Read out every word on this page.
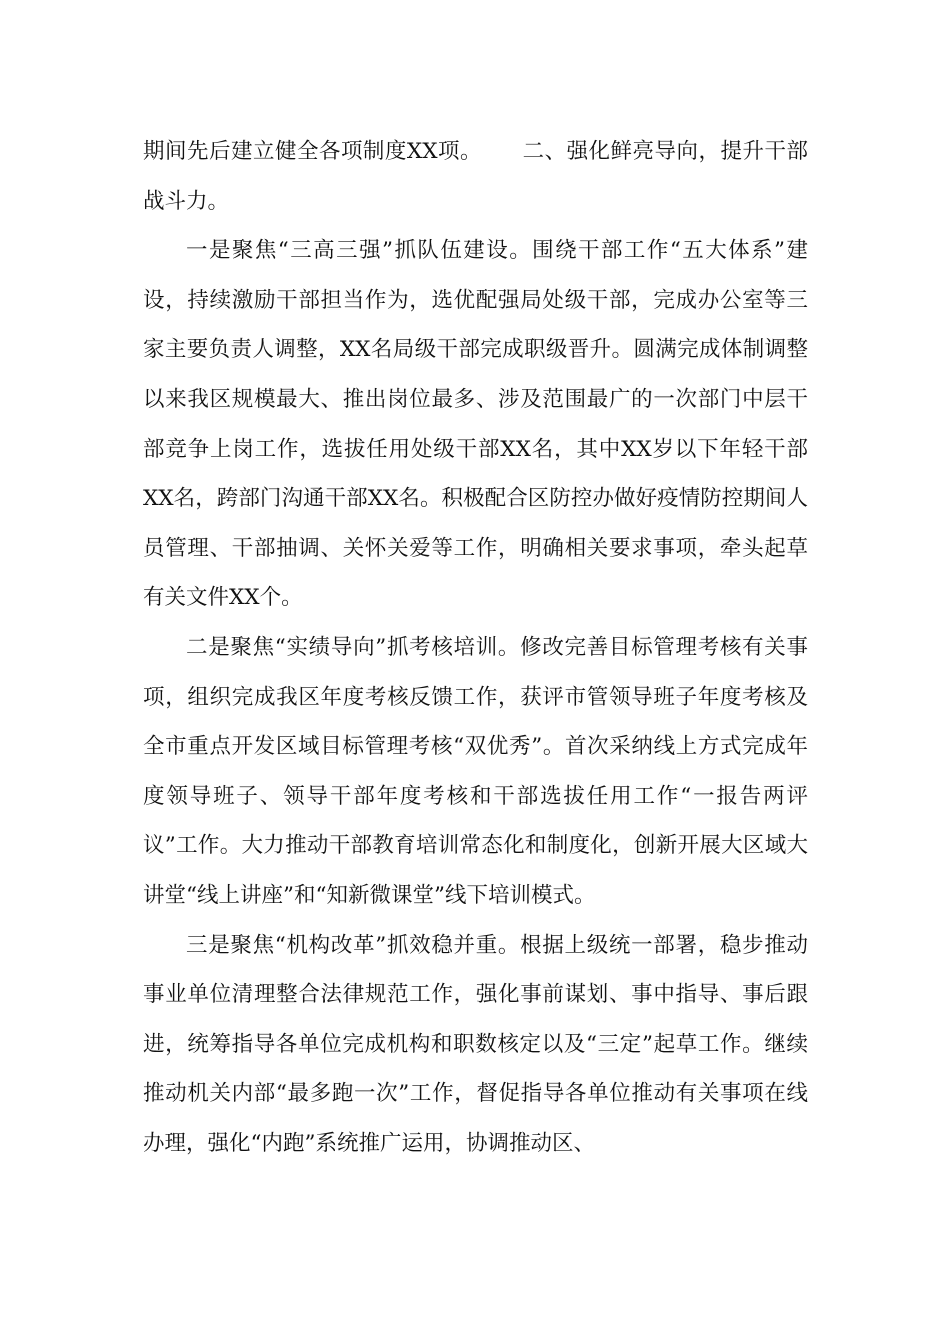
期间先后建立健全各项制度XX项。　　 二、强化鲜亮导向，提升干部战斗力。

一是聚焦“三高三强”抓队伍建设。围绕干部工作“五大体系”建设，持续激励干部担当作为，选优配强局处级干部，完成办公室等三家主要负责人调整，XX名局级干部完成职级晋升。圆满完成体制调整以来我区规模最大、推出岗位最多、涉及范围最广的一次部门中层干部竞争上岗工作，选拔任用处级干部XX名，其中XX岁以下年轻干部XX名，跨部门沟通干部XX名。积极配合区防控办做好疫情防控期间人员管理、干部抽调、关怀关爱等工作，明确相关要求事项，牵头起草有关文件XX个。

二是聚焦“实绩导向”抓考核培训。修改完善目标管理考核有关事项，组织完成我区年度考核反馈工作，获评市管领导班子年度考核及全市重点开发区域目标管理考核“双优秀”。首次采纳线上方式完成年度领导班子、领导干部年度考核和干部选拔任用工作“一报告两评议”工作。大力推动干部教育培训常态化和制度化，创新开展大区域大讲堂“线上讲座”和“知新微课堂”线下培训模式。

三是聚焦“机构改革”抓效稳并重。根据上级统一部署，稳步推动事业单位清理整合法律规范工作，强化事前谋划、事中指导、事后跟进，统筹指导各单位完成机构和职数核定以及“三定”起草工作。继续推动机关内部“最多跑一次”工作，督促指导各单位推动有关事项在线办理，强化“内跑”系统推广运用，协调推动区、
